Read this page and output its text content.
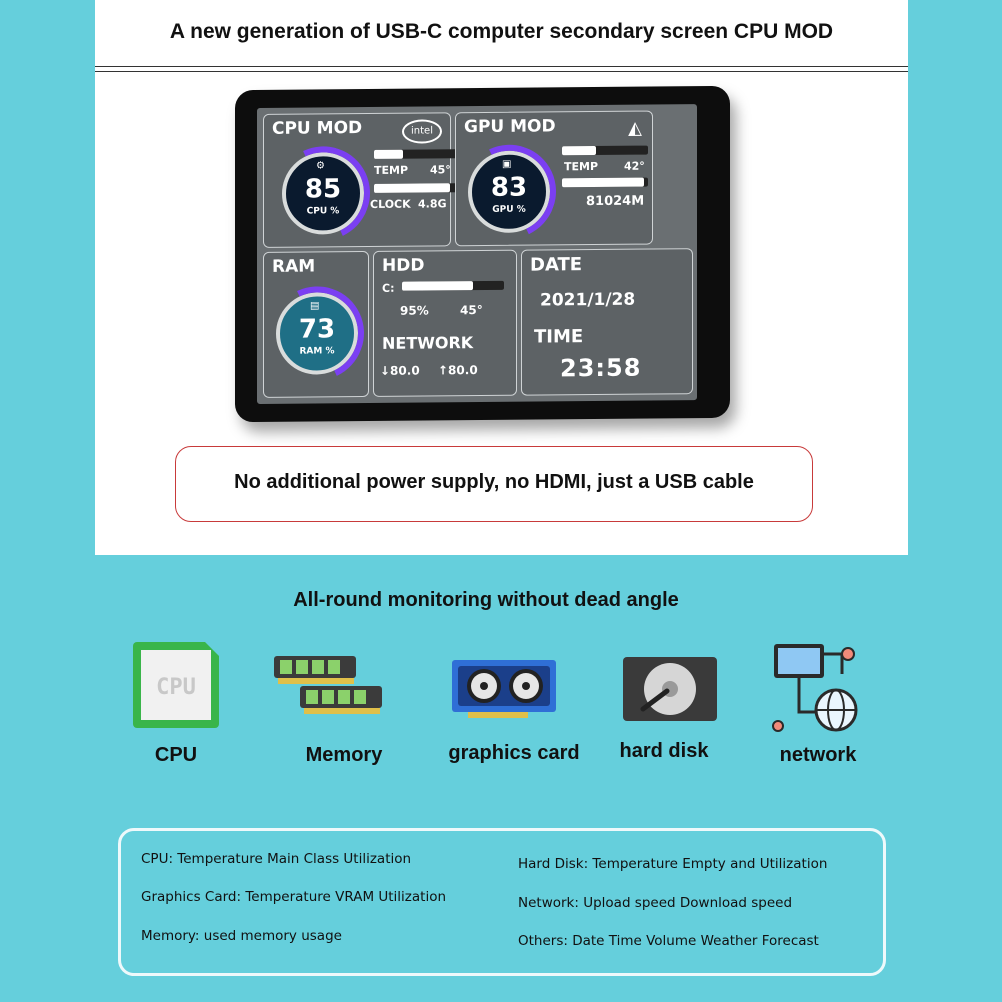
A new generation of USB-C computer secondary screen CPU MOD
CPU MOD	intel
⚙
85
CPU %
TEMP 45°
CLOCK 4.8G
GPU MOD	◭
▣
83
GPU %
TEMP 42°
81024M
RAM
▤
73
RAM %
HDD
C:
95%	45°
NETWORK
↓80.0 ↑80.0
DATE
2021/1/28
TIME
23:58
No additional power supply, no HDMI, just a USB cable
All-round monitoring without dead angle
CPU
CPU	Memory	graphics card	hard disk	network
CPU: Temperature Main Class Utilization
Graphics Card: Temperature VRAM Utilization
Memory: used memory usage
Hard Disk: Temperature Empty and Utilization
Network: Upload speed Download speed
Others: Date Time Volume Weather Forecast
